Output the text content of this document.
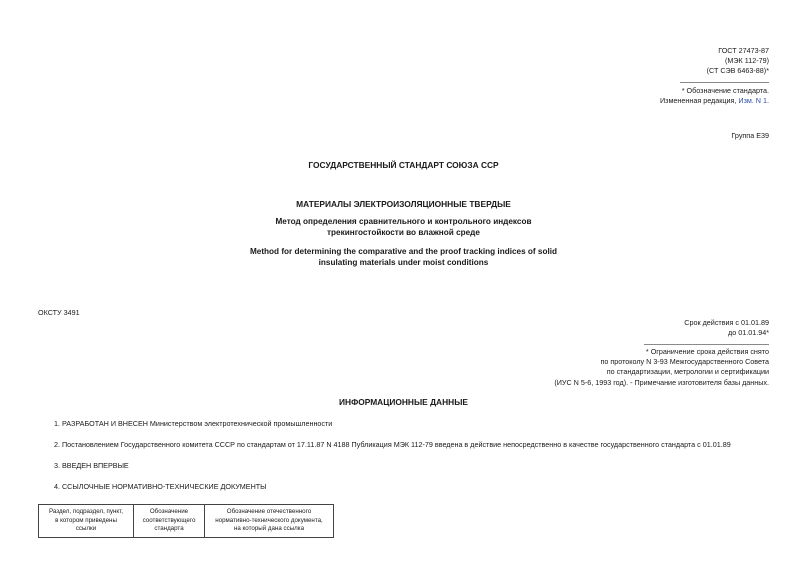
ГОСТ 27473-87
(МЭК 112-79)
(СТ СЭВ 6463-88)*
* Обозначение стандарта.
Измененная редакция, Изм. N 1.
Группа Е39
ГОСУДАРСТВЕННЫЙ СТАНДАРТ СОЮЗА ССР
МАТЕРИАЛЫ ЭЛЕКТРОИЗОЛЯЦИОННЫЕ ТВЕРДЫЕ
Метод определения сравнительного и контрольного индексов
трекингостойкости во влажной среде
Method for determining the comparative and the proof tracking indices of solid
insulating materials under moist conditions
ОКСТУ 3491
Срок действия с 01.01.89
до 01.01.94*
* Ограничение срока действия снято
по протоколу N 3-93 Межгосударственного Совета
по стандартизации, метрологии и сертификации
(ИУС N 5-6, 1993 год). - Примечание изготовителя базы данных.
ИНФОРМАЦИОННЫЕ ДАННЫЕ
1. РАЗРАБОТАН И ВНЕСЕН Министерством электротехнической промышленности
2. Постановлением Государственного комитета СССР по стандартам от 17.11.87 N 4188 Публикация МЭК 112-79 введена в действие непосредственно в качестве государственного стандарта с 01.01.89
3. ВВЕДЕН ВПЕРВЫЕ
4. ССЫЛОЧНЫЕ НОРМАТИВНО-ТЕХНИЧЕСКИЕ ДОКУМЕНТЫ
Раздел, подраздел, пункт,
в котором приведены
ссылки

Обозначение
соответствующего
стандарта

Обозначение отечественного
нормативно-технического документа,
на который дана ссылка
